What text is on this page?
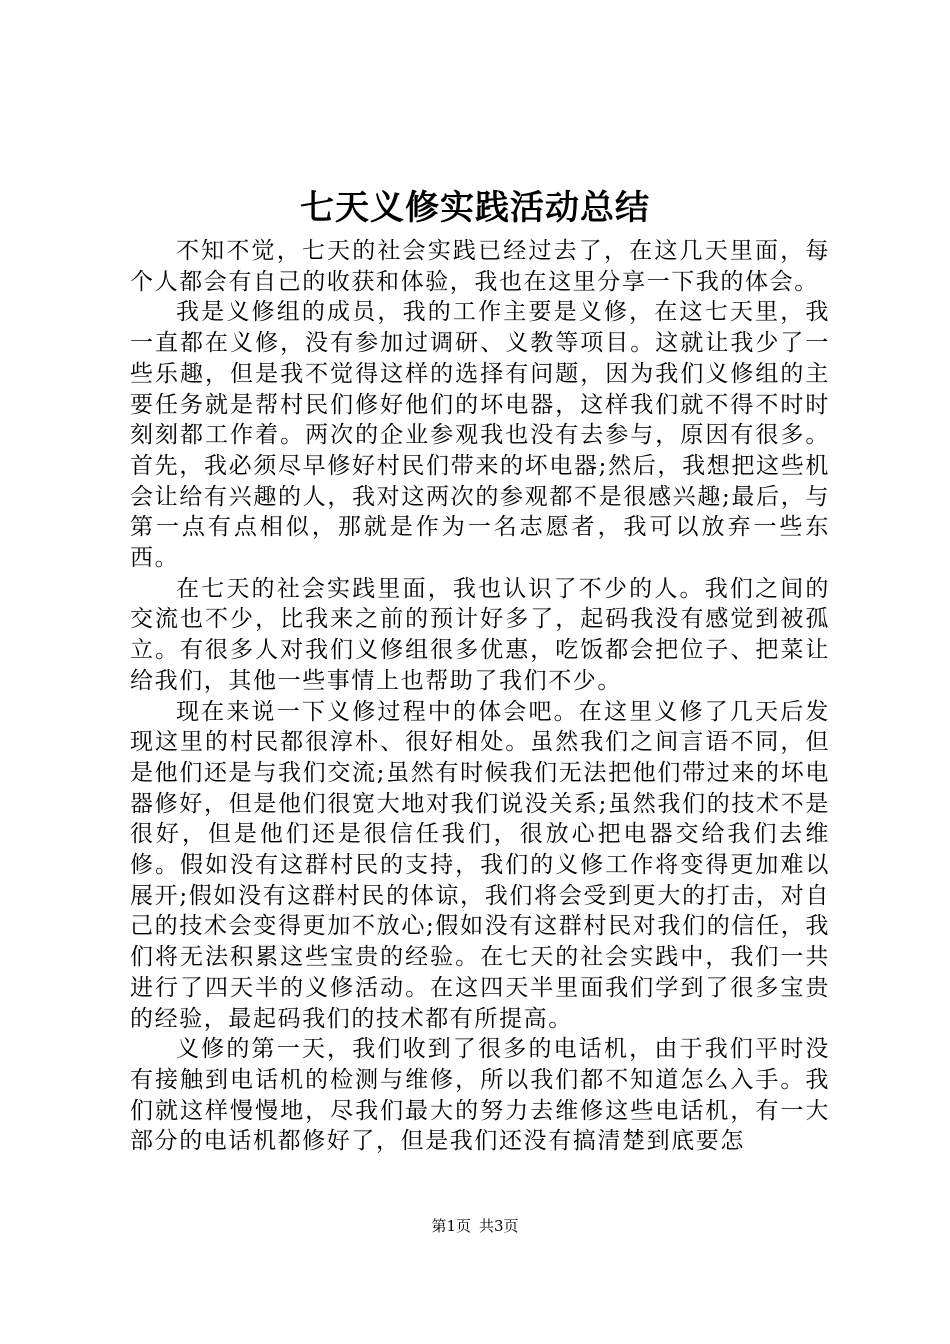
七天义修实践活动总结

不知不觉，七天的社会实践已经过去了，在这几天里面，每个人都会有自己的收获和体验，我也在这里分享一下我的体会。

我是义修组的成员，我的工作主要是义修，在这七天里，我一直都在义修，没有参加过调研、义教等项目。这就让我少了一些乐趣，但是我不觉得这样的选择有问题，因为我们义修组的主要任务就是帮村民们修好他们的坏电器，这样我们就不得不时时刻刻都工作着。两次的企业参观我也没有去参与，原因有很多。首先，我必须尽早修好村民们带来的坏电器;然后，我想把这些机会让给有兴趣的人，我对这两次的参观都不是很感兴趣;最后，与第一点有点相似，那就是作为一名志愿者，我可以放弃一些东西。

在七天的社会实践里面，我也认识了不少的人。我们之间的交流也不少，比我来之前的预计好多了，起码我没有感觉到被孤立。有很多人对我们义修组很多优惠，吃饭都会把位子、把菜让给我们，其他一些事情上也帮助了我们不少。

现在来说一下义修过程中的体会吧。在这里义修了几天后发现这里的村民都很淳朴、很好相处。虽然我们之间言语不同，但是他们还是与我们交流;虽然有时候我们无法把他们带过来的坏电器修好，但是他们很宽大地对我们说没关系;虽然我们的技术不是很好，但是他们还是很信任我们，很放心把电器交给我们去维修。假如没有这群村民的支持，我们的义修工作将变得更加难以展开;假如没有这群村民的体谅，我们将会受到更大的打击，对自己的技术会变得更加不放心;假如没有这群村民对我们的信任，我们将无法积累这些宝贵的经验。在七天的社会实践中，我们一共进行了四天半的义修活动。在这四天半里面我们学到了很多宝贵的经验，最起码我们的技术都有所提高。

义修的第一天，我们收到了很多的电话机，由于我们平时没有接触到电话机的检测与维修，所以我们都不知道怎么入手。我们就这样慢慢地，尽我们最大的努力去维修这些电话机，有一大部分的电话机都修好了，但是我们还没有搞清楚到底要怎

第1页 共3页
